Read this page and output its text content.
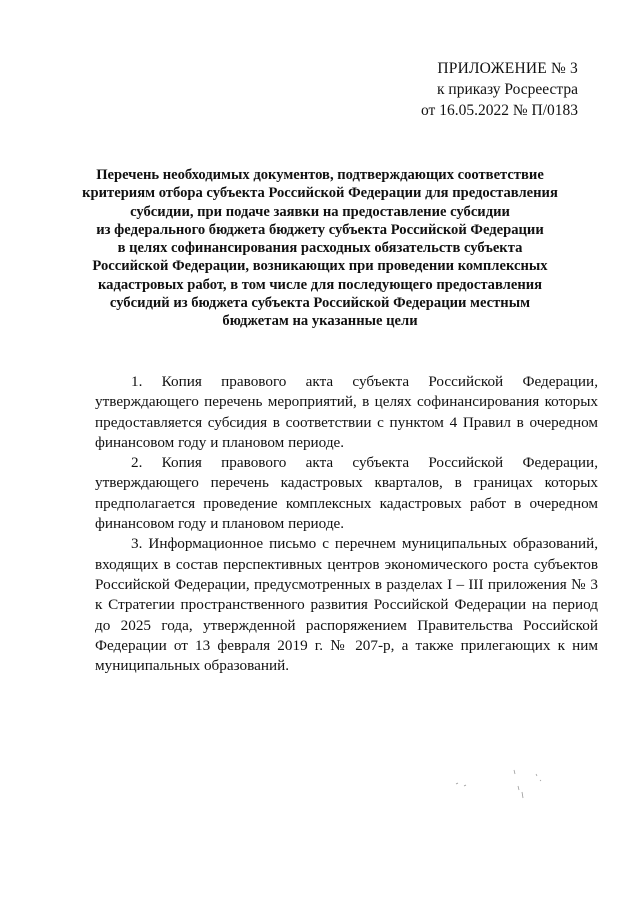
ПРИЛОЖЕНИЕ № 3
к приказу Росреестра
от 16.05.2022 № П/0183
Перечень необходимых документов, подтверждающих соответствие
критериям отбора субъекта Российской Федерации для предоставления
субсидии, при подаче заявки на предоставление субсидии
из федерального бюджета бюджету субъекта Российской Федерации
в целях софинансирования расходных обязательств субъекта
Российской Федерации, возникающих при проведении комплексных
кадастровых работ, в том числе для последующего предоставления
субсидий из бюджета субъекта Российской Федерации местным
бюджетам на указанные цели

1. Копия правового акта субъекта Российской Федерации, утверждающего перечень мероприятий, в целях софинансирования которых предоставляется субсидия в соответствии с пунктом 4 Правил в очередном финансовом году и плановом периоде.

2. Копия правового акта субъекта Российской Федерации, утверждающего перечень кадастровых кварталов, в границах которых предполагается проведение комплексных кадастровых работ в очередном финансовом году и плановом периоде.

3. Информационное письмо с перечнем муниципальных образований, входящих в состав перспективных центров экономического роста субъектов Российской Федерации, предусмотренных в разделах I – III приложения № 3 к Стратегии пространственного развития Российской Федерации на период до 2025 года, утвержденной распоряжением Правительства Российской Федерации от 13 февраля 2019 г. № 207-р, а также прилегающих к ним муниципальных образований.
